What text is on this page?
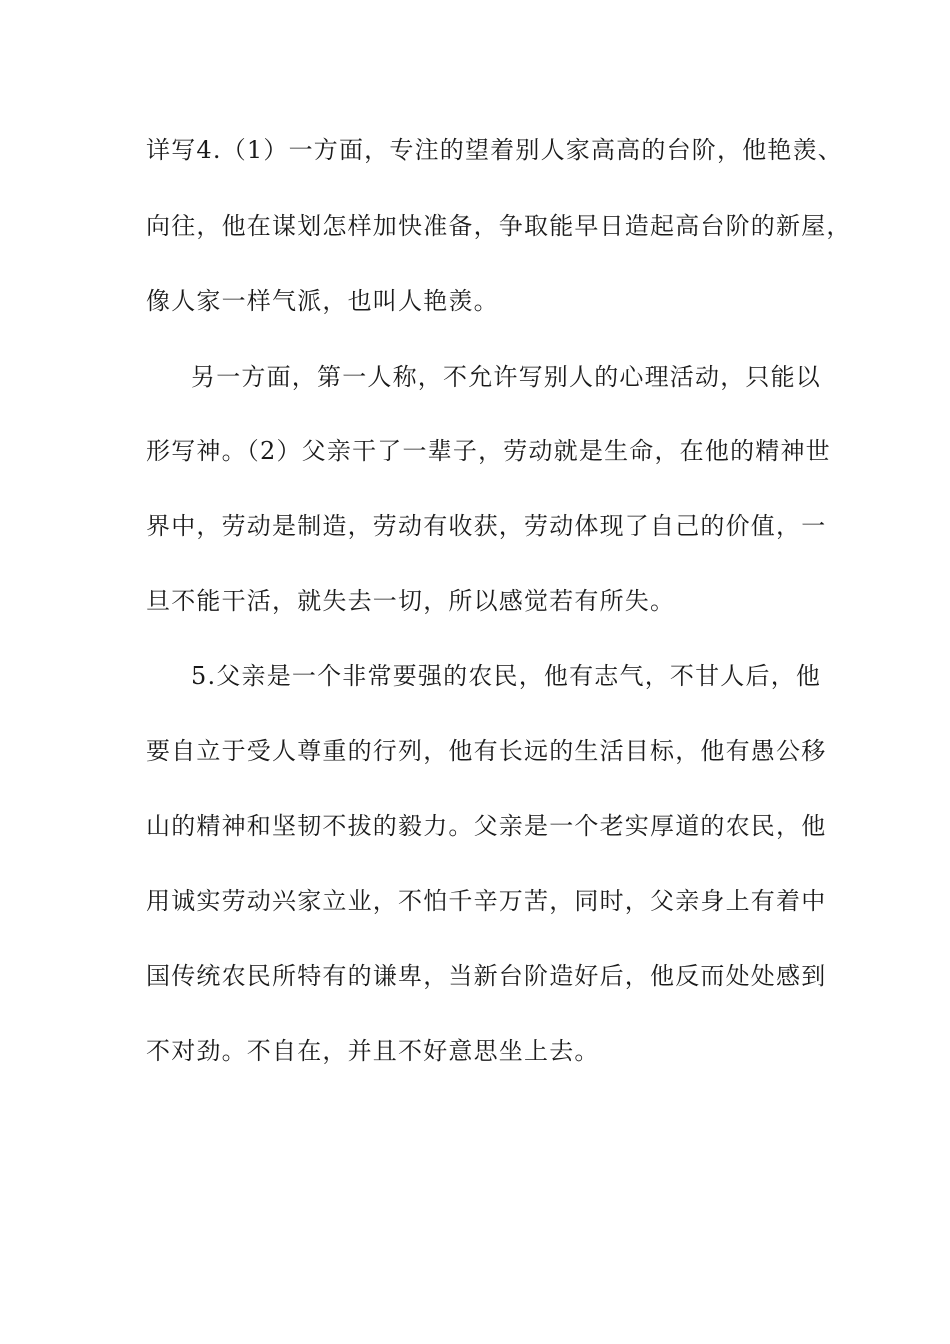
详写4.（1）一方面，专注的望着别人家高高的台阶，他艳羡、
向往，他在谋划怎样加快准备，争取能早日造起高台阶的新屋，
像人家一样气派，也叫人艳羡。
另一方面，第一人称，不允许写别人的心理活动，只能以
形写神。（2）父亲干了一辈子，劳动就是生命，在他的精神世
界中，劳动是制造，劳动有收获，劳动体现了自己的价值，一
旦不能干活，就失去一切，所以感觉若有所失。
5.父亲是一个非常要强的农民，他有志气，不甘人后，他
要自立于受人尊重的行列，他有长远的生活目标，他有愚公移
山的精神和坚韧不拔的毅力。父亲是一个老实厚道的农民，他
用诚实劳动兴家立业，不怕千辛万苦，同时，父亲身上有着中
国传统农民所特有的谦卑，当新台阶造好后，他反而处处感到
不对劲。不自在，并且不好意思坐上去。
